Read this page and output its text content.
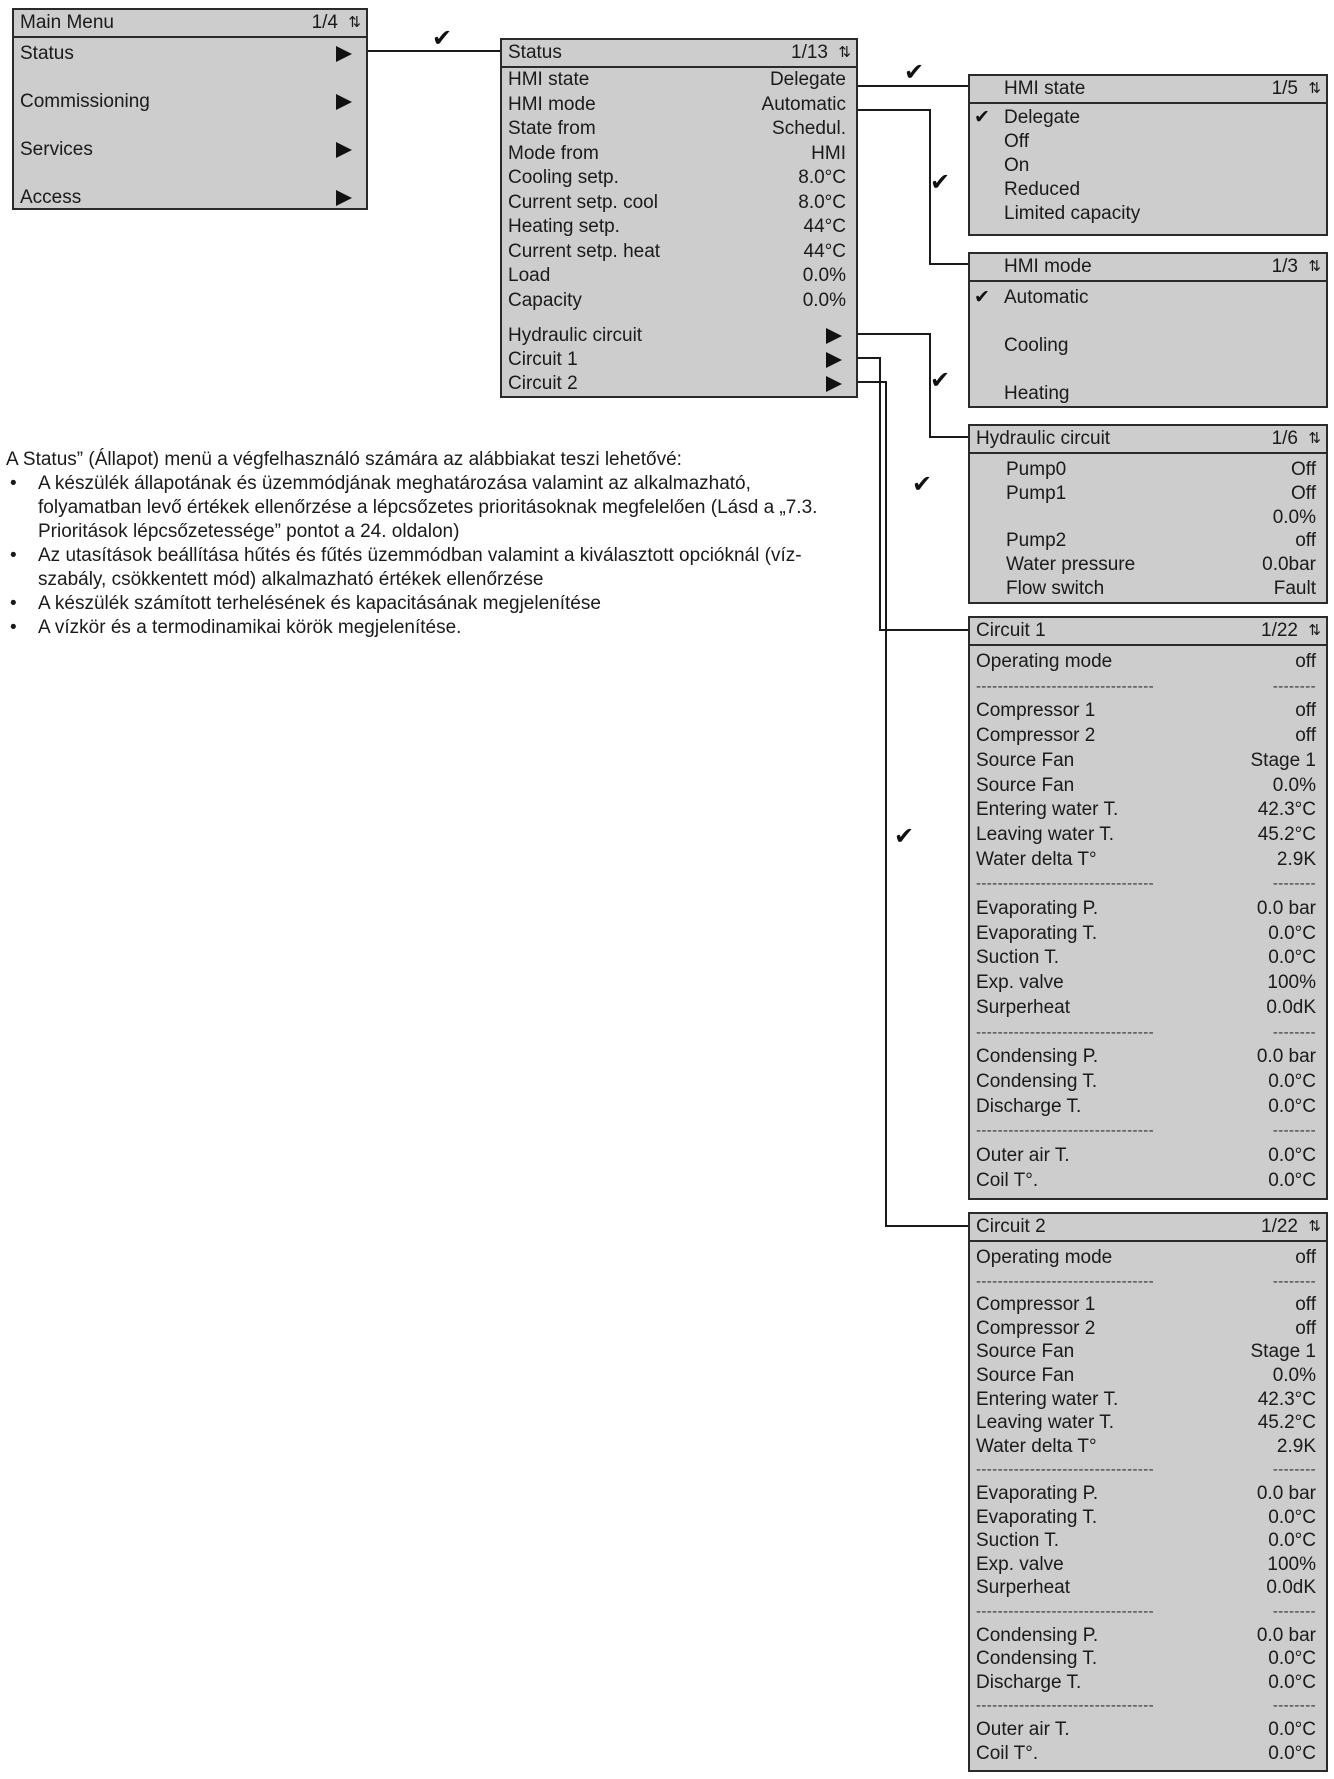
✔
✔
✔
✔
✔
✔
Main Menu	1/4 ⇅
Status
Commissioning
Services
Access
Status	1/13 ⇅
HMI state	Delegate
HMI mode	Automatic
State from	Schedul.
Mode from	HMI
Cooling setp.	8.0°C
Current setp. cool	8.0°C
Heating setp.	44°C
Current setp. heat	44°C
Load	0.0%
Capacity	0.0%
Hydraulic circuit
Circuit 1
Circuit 2
HMI state	1/5 ⇅
✔ Delegate
Off
On
Reduced
Limited capacity
HMI mode	1/3 ⇅
✔ Automatic
Cooling
Heating
Hydraulic circuit	1/6 ⇅
Pump0	Off
Pump1	Off
0.0%
Pump2	off
Water pressure	0.0bar
Flow switch	Fault
Circuit 1	1/22 ⇅
Operating mode	off
---------------------------------	--------
Compressor 1	off
Compressor 2	off
Source Fan	Stage 1
Source Fan	0.0%
Entering water T.	42.3°C
Leaving water T.	45.2°C
Water delta T°	2.9K
---------------------------------	--------
Evaporating P.	0.0 bar
Evaporating T.	0.0°C
Suction T.	0.0°C
Exp. valve	100%
Surperheat	0.0dK
---------------------------------	--------
Condensing P.	0.0 bar
Condensing T.	0.0°C
Discharge T.	0.0°C
---------------------------------	--------
Outer air T.	0.0°C
Coil T°.	0.0°C
Circuit 2	1/22 ⇅
Operating mode	off
---------------------------------	--------
Compressor 1	off
Compressor 2	off
Source Fan	Stage 1
Source Fan	0.0%
Entering water T.	42.3°C
Leaving water T.	45.2°C
Water delta T°	2.9K
---------------------------------	--------
Evaporating P.	0.0 bar
Evaporating T.	0.0°C
Suction T.	0.0°C
Exp. valve	100%
Surperheat	0.0dK
---------------------------------	--------
Condensing P.	0.0 bar
Condensing T.	0.0°C
Discharge T.	0.0°C
---------------------------------	--------
Outer air T.	0.0°C
Coil T°.	0.0°C

A Status” (Állapot) menü a végfelhasználó számára az alábbiakat teszi lehetővé:

• A készülék állapotának és üzemmódjának meghatározása valamint az alkalmazható, folyamatban levő értékek ellenőrzése a lépcsőzetes prioritásoknak megfelelően (Lásd a „7.3. Prioritások lépcsőzetessége” pontot a 24. oldalon)
• Az utasítások beállítása hűtés és fűtés üzemmódban valamint a kiválasztott opcióknál (víz-szabály, csökkentett mód) alkalmazható értékek ellenőrzése
• A készülék számított terhelésének és kapacitásának megjelenítése
• A vízkör és a termodinamikai körök megjelenítése.
